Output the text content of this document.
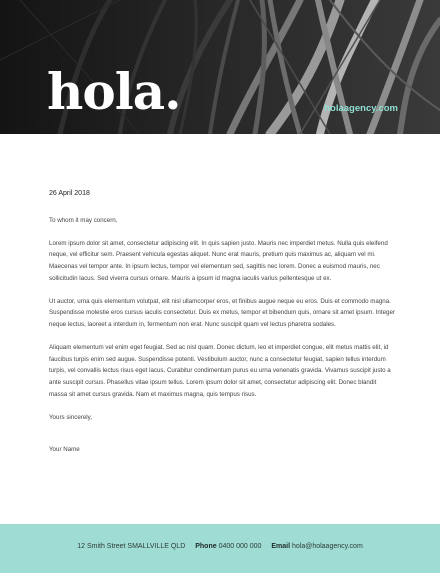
hola.	holaagency.com
26 April 2018

To whom it may concern,

Lorem ipsum dolor sit amet, consectetur adipiscing elit. In quis sapien justo. Mauris nec imperdiet metus. Nulla quis eleifend neque, vel efficitur sem. Praesent vehicula egestas aliquet. Nunc erat mauris, pretium quis maximus ac, aliquam vel mi. Maecenas vel tempor ante. In ipsum lectus, tempor vel elementum sed, sagittis nec lorem. Donec a euismod mauris, nec sollicitudin lacus. Sed viverra cursus ornare. Mauris a ipsum id magna iaculis varius pellentesque ut ex.

Ut auctor, urna quis elementum volutpat, elit nisl ullamcorper eros, et finibus augue neque eu eros. Duis et commodo magna. Suspendisse molestie eros cursus iaculis consectetur. Duis ex metus, tempor et bibendum quis, ornare sit amet ipsum. Integer neque lectus, laoreet a interdum in, fermentum non erat. Nunc suscipit quam vel lectus pharetra sodales.

Aliquam elementum vel enim eget feugiat. Sed ac nisl quam. Donec dictum, leo et imperdiet congue, elit metus mattis elit, id faucibus turpis enim sed augue. Suspendisse potenti. Vestibulum auctor, nunc a consectetur feugiat, sapien tellus interdum turpis, vel convallis lectus risus eget lacus. Curabitur condimentum purus eu urna venenatis gravida. Vivamus suscipit justo a ante suscipit cursus. Phasellus vitae ipsum tellus. Lorem ipsum dolor sit amet, consectetur adipiscing elit. Donec blandit massa sit amet cursus gravida. Nam et maximus magna, quis tempus risus.

Yours sincerely,

Your Name

12 Smith Street SMALLVILLE QLD Phone 0400 000 000 Email hola@holaagency.com
